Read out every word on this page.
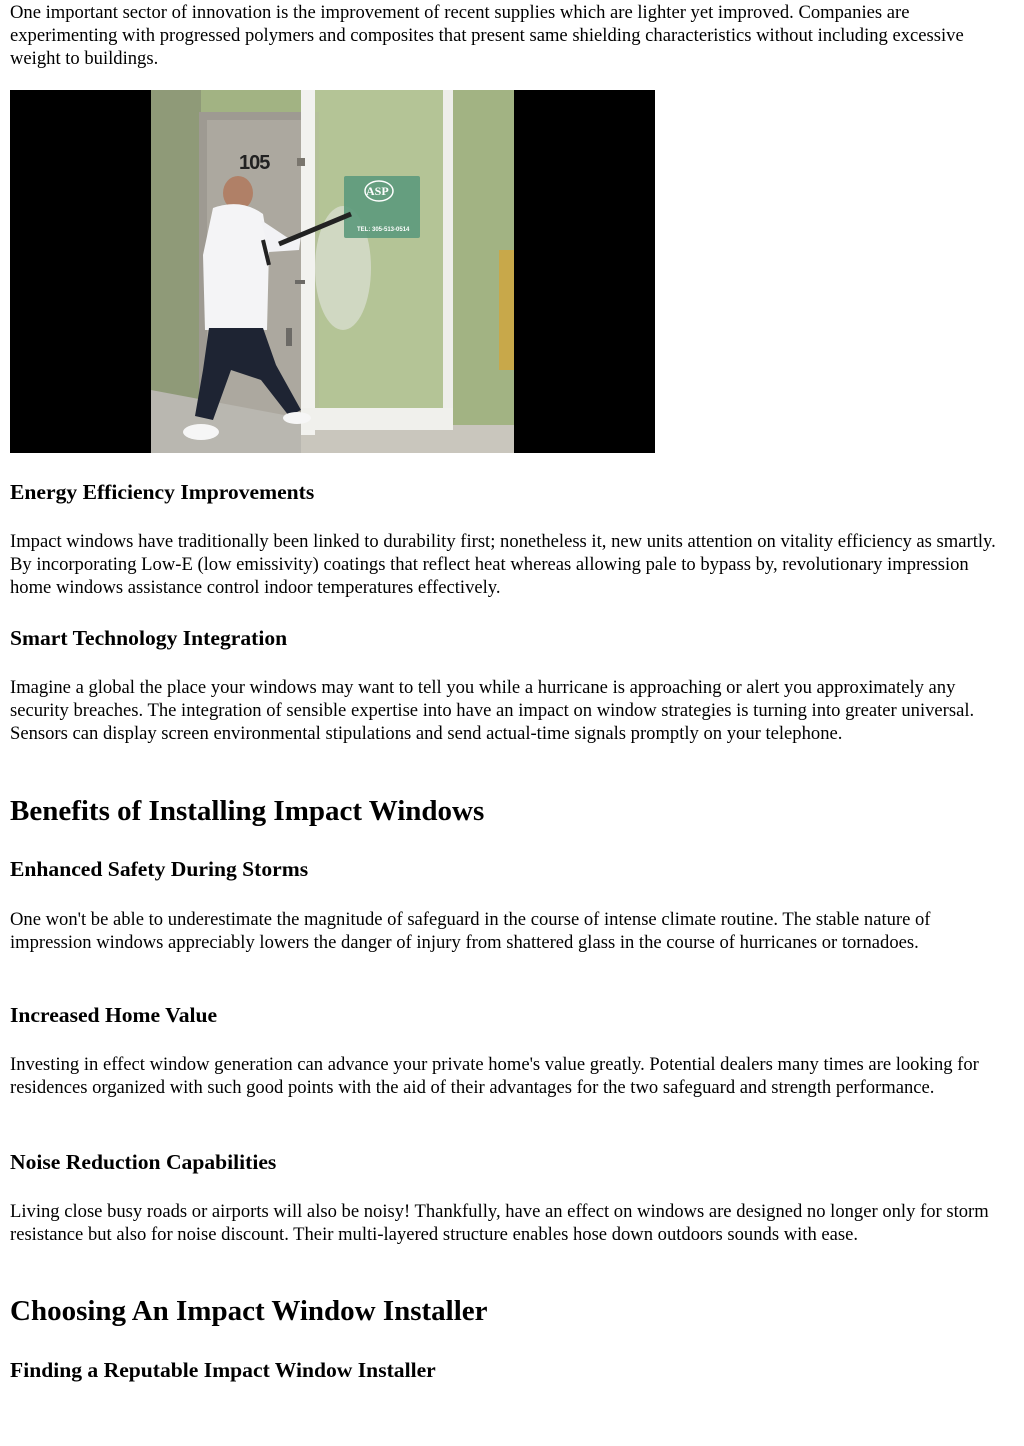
One important sector of innovation is the improvement of recent supplies which are lighter yet improved. Companies are experimenting with progressed polymers and composites that present same shielding characteristics without including excessive weight to buildings.

105
ASP
TEL: 305-513-0514
Energy Efficiency Improvements

Impact windows have traditionally been linked to durability first; nonetheless it, new units attention on vitality efficiency as smartly. By incorporating Low-E (low emissivity) coatings that reflect heat whereas allowing pale to bypass by, revolutionary impression home windows assistance control indoor temperatures effectively.

Smart Technology Integration

Imagine a global the place your windows may want to tell you while a hurricane is approaching or alert you approximately any security breaches. The integration of sensible expertise into have an impact on window strategies is turning into greater universal. Sensors can display screen environmental stipulations and send actual-time signals promptly on your telephone.

Benefits of Installing Impact Windows
Enhanced Safety During Storms

One won't be able to underestimate the magnitude of safeguard in the course of intense climate routine. The stable nature of impression windows appreciably lowers the danger of injury from shattered glass in the course of hurricanes or tornadoes.

Increased Home Value

Investing in effect window generation can advance your private home's value greatly. Potential dealers many times are looking for residences organized with such good points with the aid of their advantages for the two safeguard and strength performance.

Noise Reduction Capabilities

Living close busy roads or airports will also be noisy! Thankfully, have an effect on windows are designed no longer only for storm resistance but also for noise discount. Their multi-layered structure enables hose down outdoors sounds with ease.

Choosing An Impact Window Installer
Finding a Reputable Impact Window Installer
